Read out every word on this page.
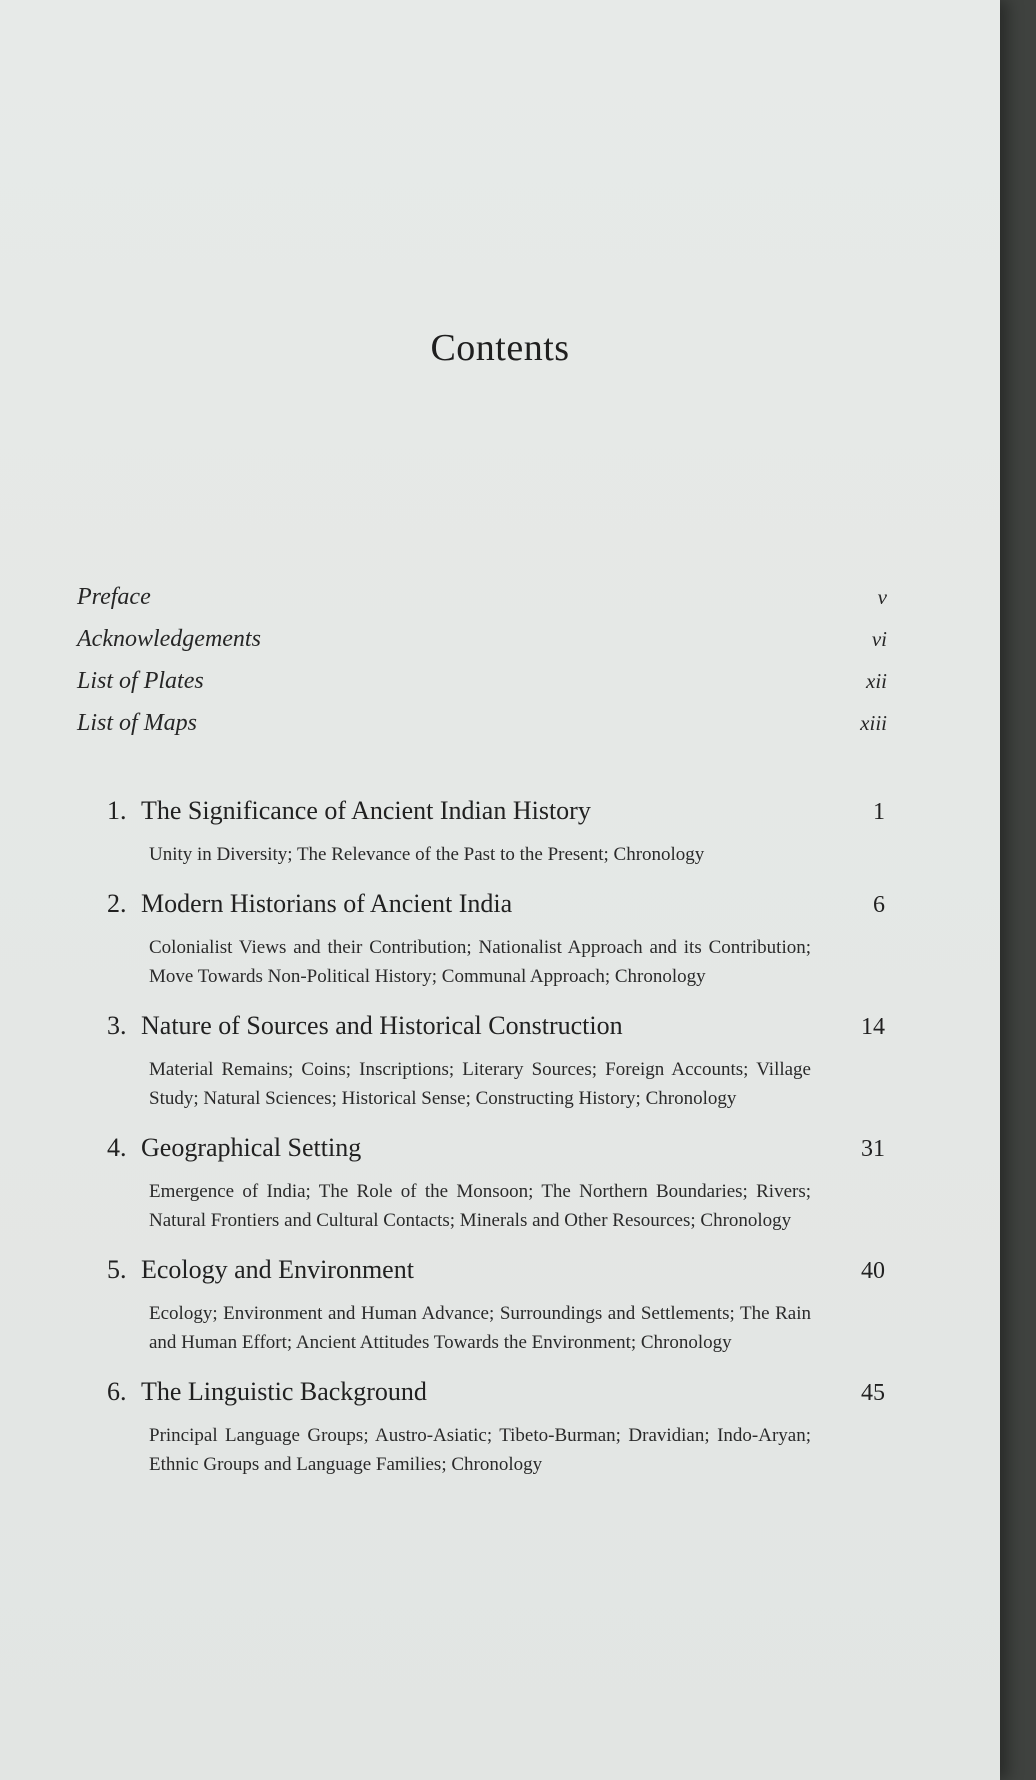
Contents
Preface	v
Acknowledgements	vi
List of Plates	xii
List of Maps	xiii
1. The Significance of Ancient Indian History	1
Unity in Diversity; The Relevance of the Past to the Present; Chronology
2. Modern Historians of Ancient India	6
Colonialist Views and their Contribution; Nationalist Approach and its Contribution; Move Towards Non-Political History; Communal Approach; Chronology
3. Nature of Sources and Historical Construction	14
Material Remains; Coins; Inscriptions; Literary Sources; Foreign Accounts; Village Study; Natural Sciences; Historical Sense; Constructing History; Chronology
4. Geographical Setting	31
Emergence of India; The Role of the Monsoon; The Northern Boundaries; Rivers; Natural Frontiers and Cultural Contacts; Minerals and Other Resources; Chronology
5. Ecology and Environment	40
Ecology; Environment and Human Advance; Surroundings and Settlements; The Rain and Human Effort; Ancient Attitudes Towards the Environment; Chronology
6. The Linguistic Background	45
Principal Language Groups; Austro-Asiatic; Tibeto-Burman; Dravidian; Indo-Aryan; Ethnic Groups and Language Families; Chronology
